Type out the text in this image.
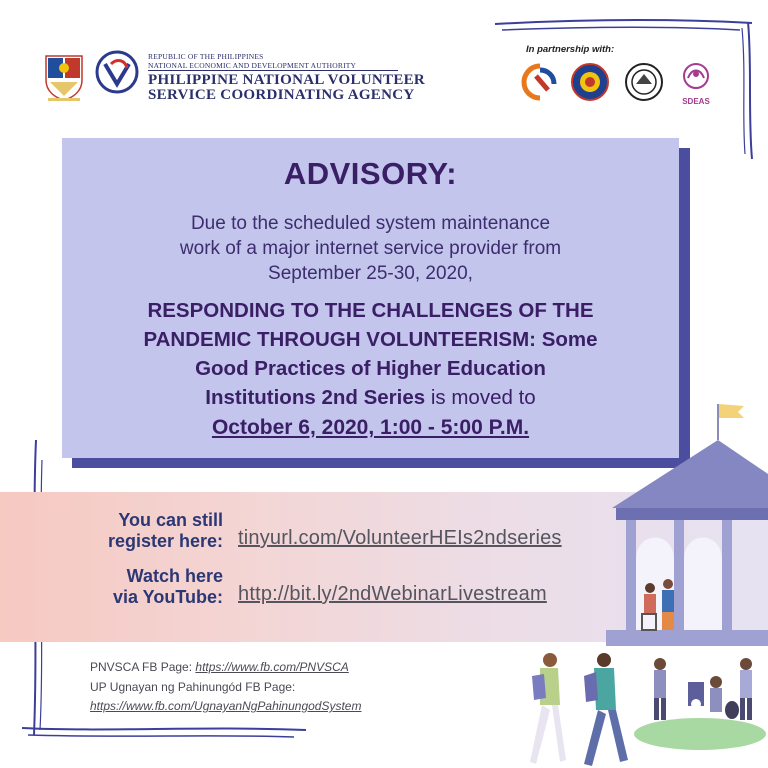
REPUBLIC OF THE PHILIPPINES
NATIONAL ECONOMIC AND DEVELOPMENT AUTHORITY
PHILIPPINE NATIONAL VOLUNTEER
SERVICE COORDINATING AGENCY
In partnership with:
SDEAS
ADVISORY:
Due to the scheduled system maintenance
work of a major internet service provider from
September 25-30, 2020,
RESPONDING TO THE CHALLENGES OF THE
PANDEMIC THROUGH VOLUNTEERISM: Some
Good Practices of Higher Education
Institutions 2nd Series is moved to
October 6, 2020, 1:00 - 5:00 P.M.
You can still
register here: tinyurl.com/VolunteerHEIs2ndseries
Watch here
via YouTube: http://bit.ly/2ndWebinarLivestream
PNVSCA FB Page: https://www.fb.com/PNVSCA
UP Ugnayan ng Pahinungód FB Page:
https://www.fb.com/UgnayanNgPahinungodSystem
